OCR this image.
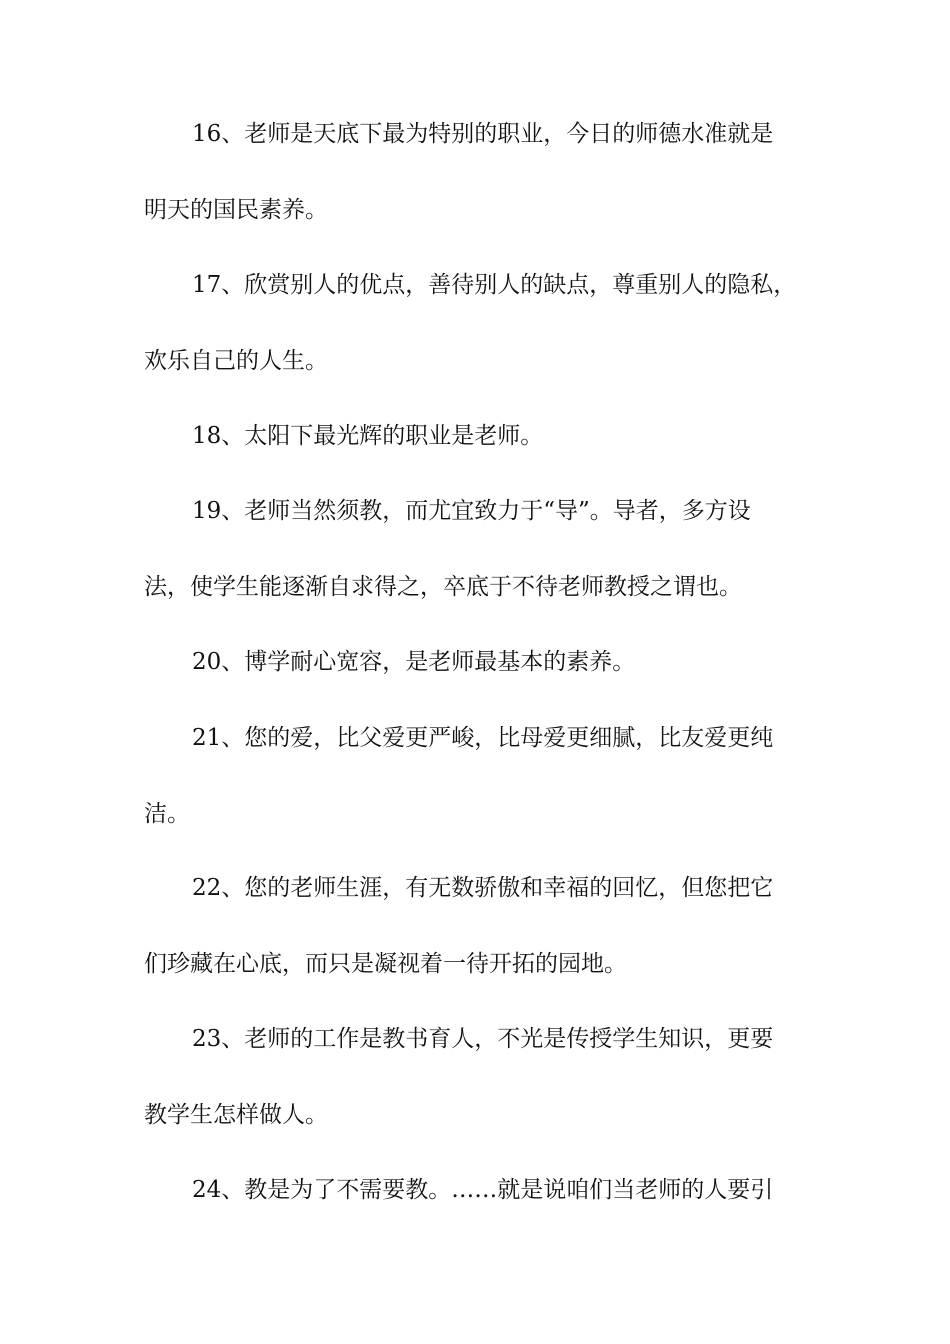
16、老师是天底下最为特别的职业，今日的师德水准就是
明天的国民素养。
17、欣赏别人的优点，善待别人的缺点，尊重别人的隐私，
欢乐自己的人生。
18、太阳下最光辉的职业是老师。
19、老师当然须教，而尤宜致力于“导”。导者，多方设
法，使学生能逐渐自求得之，卒底于不待老师教授之谓也。
20、博学耐心宽容，是老师最基本的素养。
21、您的爱，比父爱更严峻，比母爱更细腻，比友爱更纯
洁。
22、您的老师生涯，有无数骄傲和幸福的回忆，但您把它
们珍藏在心底，而只是凝视着一待开拓的园地。
23、老师的工作是教书育人，不光是传授学生知识，更要
教学生怎样做人。
24、教是为了不需要教。……就是说咱们当老师的人要引
